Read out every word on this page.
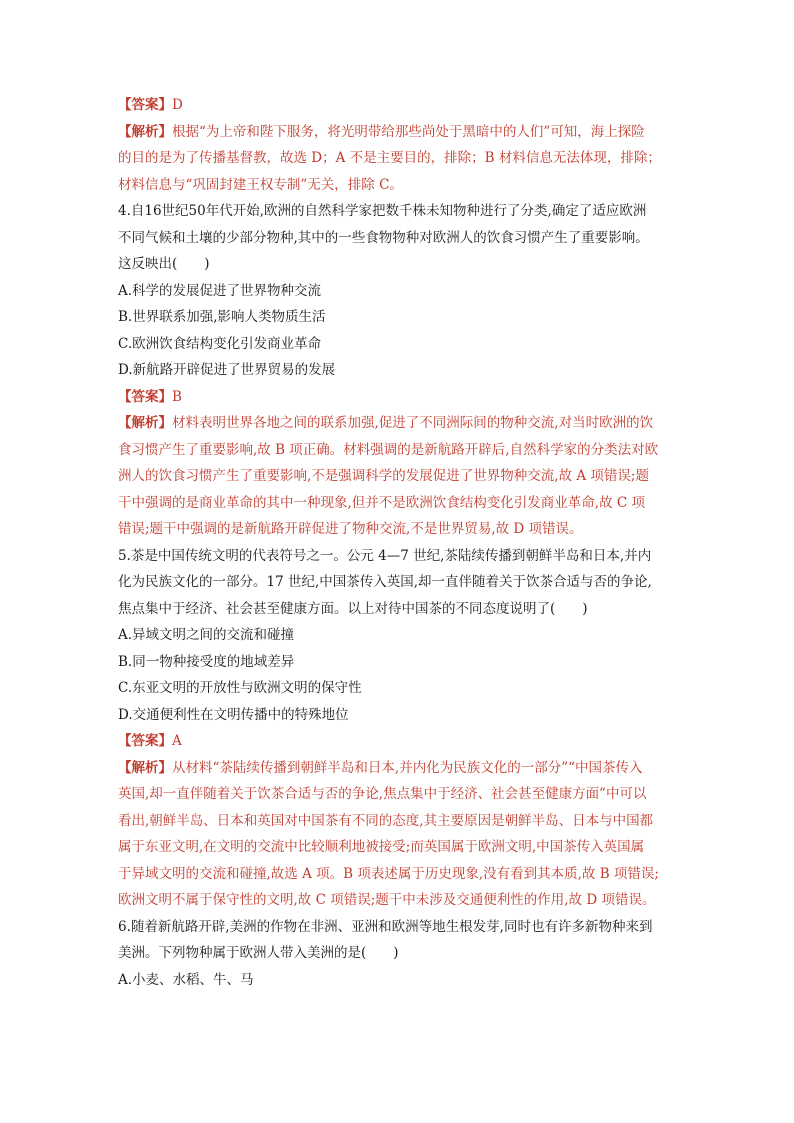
【答案】D
【解析】根据“为上帝和陛下服务，将光明带给那些尚处于黑暗中的人们”可知，海上探险
的目的是为了传播基督教，故选 D；A 不是主要目的，排除；B 材料信息无法体现，排除；
材料信息与“巩固封建王权专制”无关，排除 C。
4.自16世纪50年代开始,欧洲的自然科学家把数千株未知物种进行了分类,确定了适应欧洲
不同气候和土壤的少部分物种,其中的一些食物物种对欧洲人的饮食习惯产生了重要影响。
这反映出(　　)
A.科学的发展促进了世界物种交流
B.世界联系加强,影响人类物质生活
C.欧洲饮食结构变化引发商业革命
D.新航路开辟促进了世界贸易的发展
【答案】B
【解析】材料表明世界各地之间的联系加强,促进了不同洲际间的物种交流,对当时欧洲的饮
食习惯产生了重要影响,故 B 项正确。材料强调的是新航路开辟后,自然科学家的分类法对欧
洲人的饮食习惯产生了重要影响,不是强调科学的发展促进了世界物种交流,故 A 项错误;题
干中强调的是商业革命的其中一种现象,但并不是欧洲饮食结构变化引发商业革命,故 C 项
错误;题干中强调的是新航路开辟促进了物种交流,不是世界贸易,故 D 项错误。
5.茶是中国传统文明的代表符号之一。公元 4—7 世纪,茶陆续传播到朝鲜半岛和日本,并内
化为民族文化的一部分。17 世纪,中国茶传入英国,却一直伴随着关于饮茶合适与否的争论,
焦点集中于经济、社会甚至健康方面。以上对待中国茶的不同态度说明了(　　)
A.异域文明之间的交流和碰撞
B.同一物种接受度的地域差异
C.东亚文明的开放性与欧洲文明的保守性
D.交通便利性在文明传播中的特殊地位
【答案】A
【解析】从材料“茶陆续传播到朝鲜半岛和日本,并内化为民族文化的一部分”“中国茶传入
英国,却一直伴随着关于饮茶合适与否的争论,焦点集中于经济、社会甚至健康方面”中可以
看出,朝鲜半岛、日本和英国对中国茶有不同的态度,其主要原因是朝鲜半岛、日本与中国都
属于东亚文明,在文明的交流中比较顺利地被接受;而英国属于欧洲文明,中国茶传入英国属
于异域文明的交流和碰撞,故选 A 项。B 项表述属于历史现象,没有看到其本质,故 B 项错误;
欧洲文明不属于保守性的文明,故 C 项错误;题干中未涉及交通便利性的作用,故 D 项错误。
6.随着新航路开辟,美洲的作物在非洲、亚洲和欧洲等地生根发芽,同时也有许多新物种来到
美洲。下列物种属于欧洲人带入美洲的是(　　)
A.小麦、水稻、牛、马
